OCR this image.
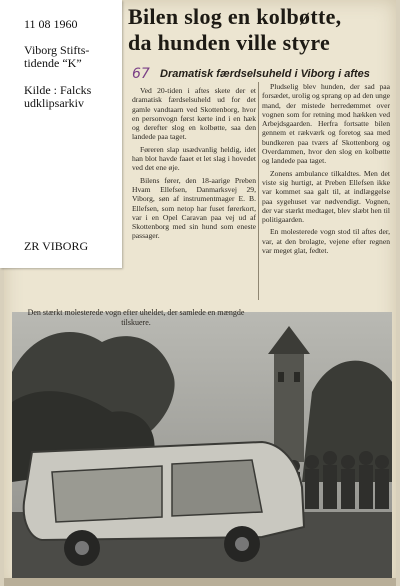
Bilen slog en kolbøtte,
da hunden ville styre
67 Dramatisk færdselsuheld i Viborg i aftes

Ved 20-tiden i aftes skete der et dramatisk færdselsuheld ud for det gamle vandtaarn ved Skottenborg, hvor en personvogn først kørte ind i en hæk og derefter slog en kolbøtte, saa den landede paa taget.

Føreren slap usædvanlig heldig, idet han blot havde faaet et let slag i hovedet ved det ene øje.

Bilens fører, den 18-aarige Preben Hvam Ellefsen, Danmarksvej 29, Viborg, søn af instrumentmager E. B. Ellefsen, som netop har fuset førerkort, var i en Opel Caravan paa vej ud af Skottenborg med sin hund som eneste passager.

Pludselig blev hunden, der sad paa forsædet, urolig og sprang op ad den unge mand, der mistede herredømmet over vognen som for retning mod hækken ved Arbejdsgaarden. Herfra fortsatte bilen gennem et rækværk og foretog saa med bundkeren paa tværs af Skottenborg og Overdammen, hvor den slog en kolbøtte og landede paa taget.

Zonens ambulance tilkaldtes. Men det viste sig hurtigt, at Preben Ellefsen ikke var kommet saa galt til, at indlæggelse paa sygehuset var nødvendigt. Vognen, der var stærkt medtaget, blev slæbt hen til politigaarden.

En molesterede vogn stod til aftes der, var, at den brolagte, vejene efter regnen var meget glat, fedtet.

Den stærkt molesterede vogn efter uheldet, der samlede en mængde tilskuere.
11 08 1960
Viborg Stifts-
tidende “K”
Kilde : Falcks
udklipsarkiv
ZR VIBORG
